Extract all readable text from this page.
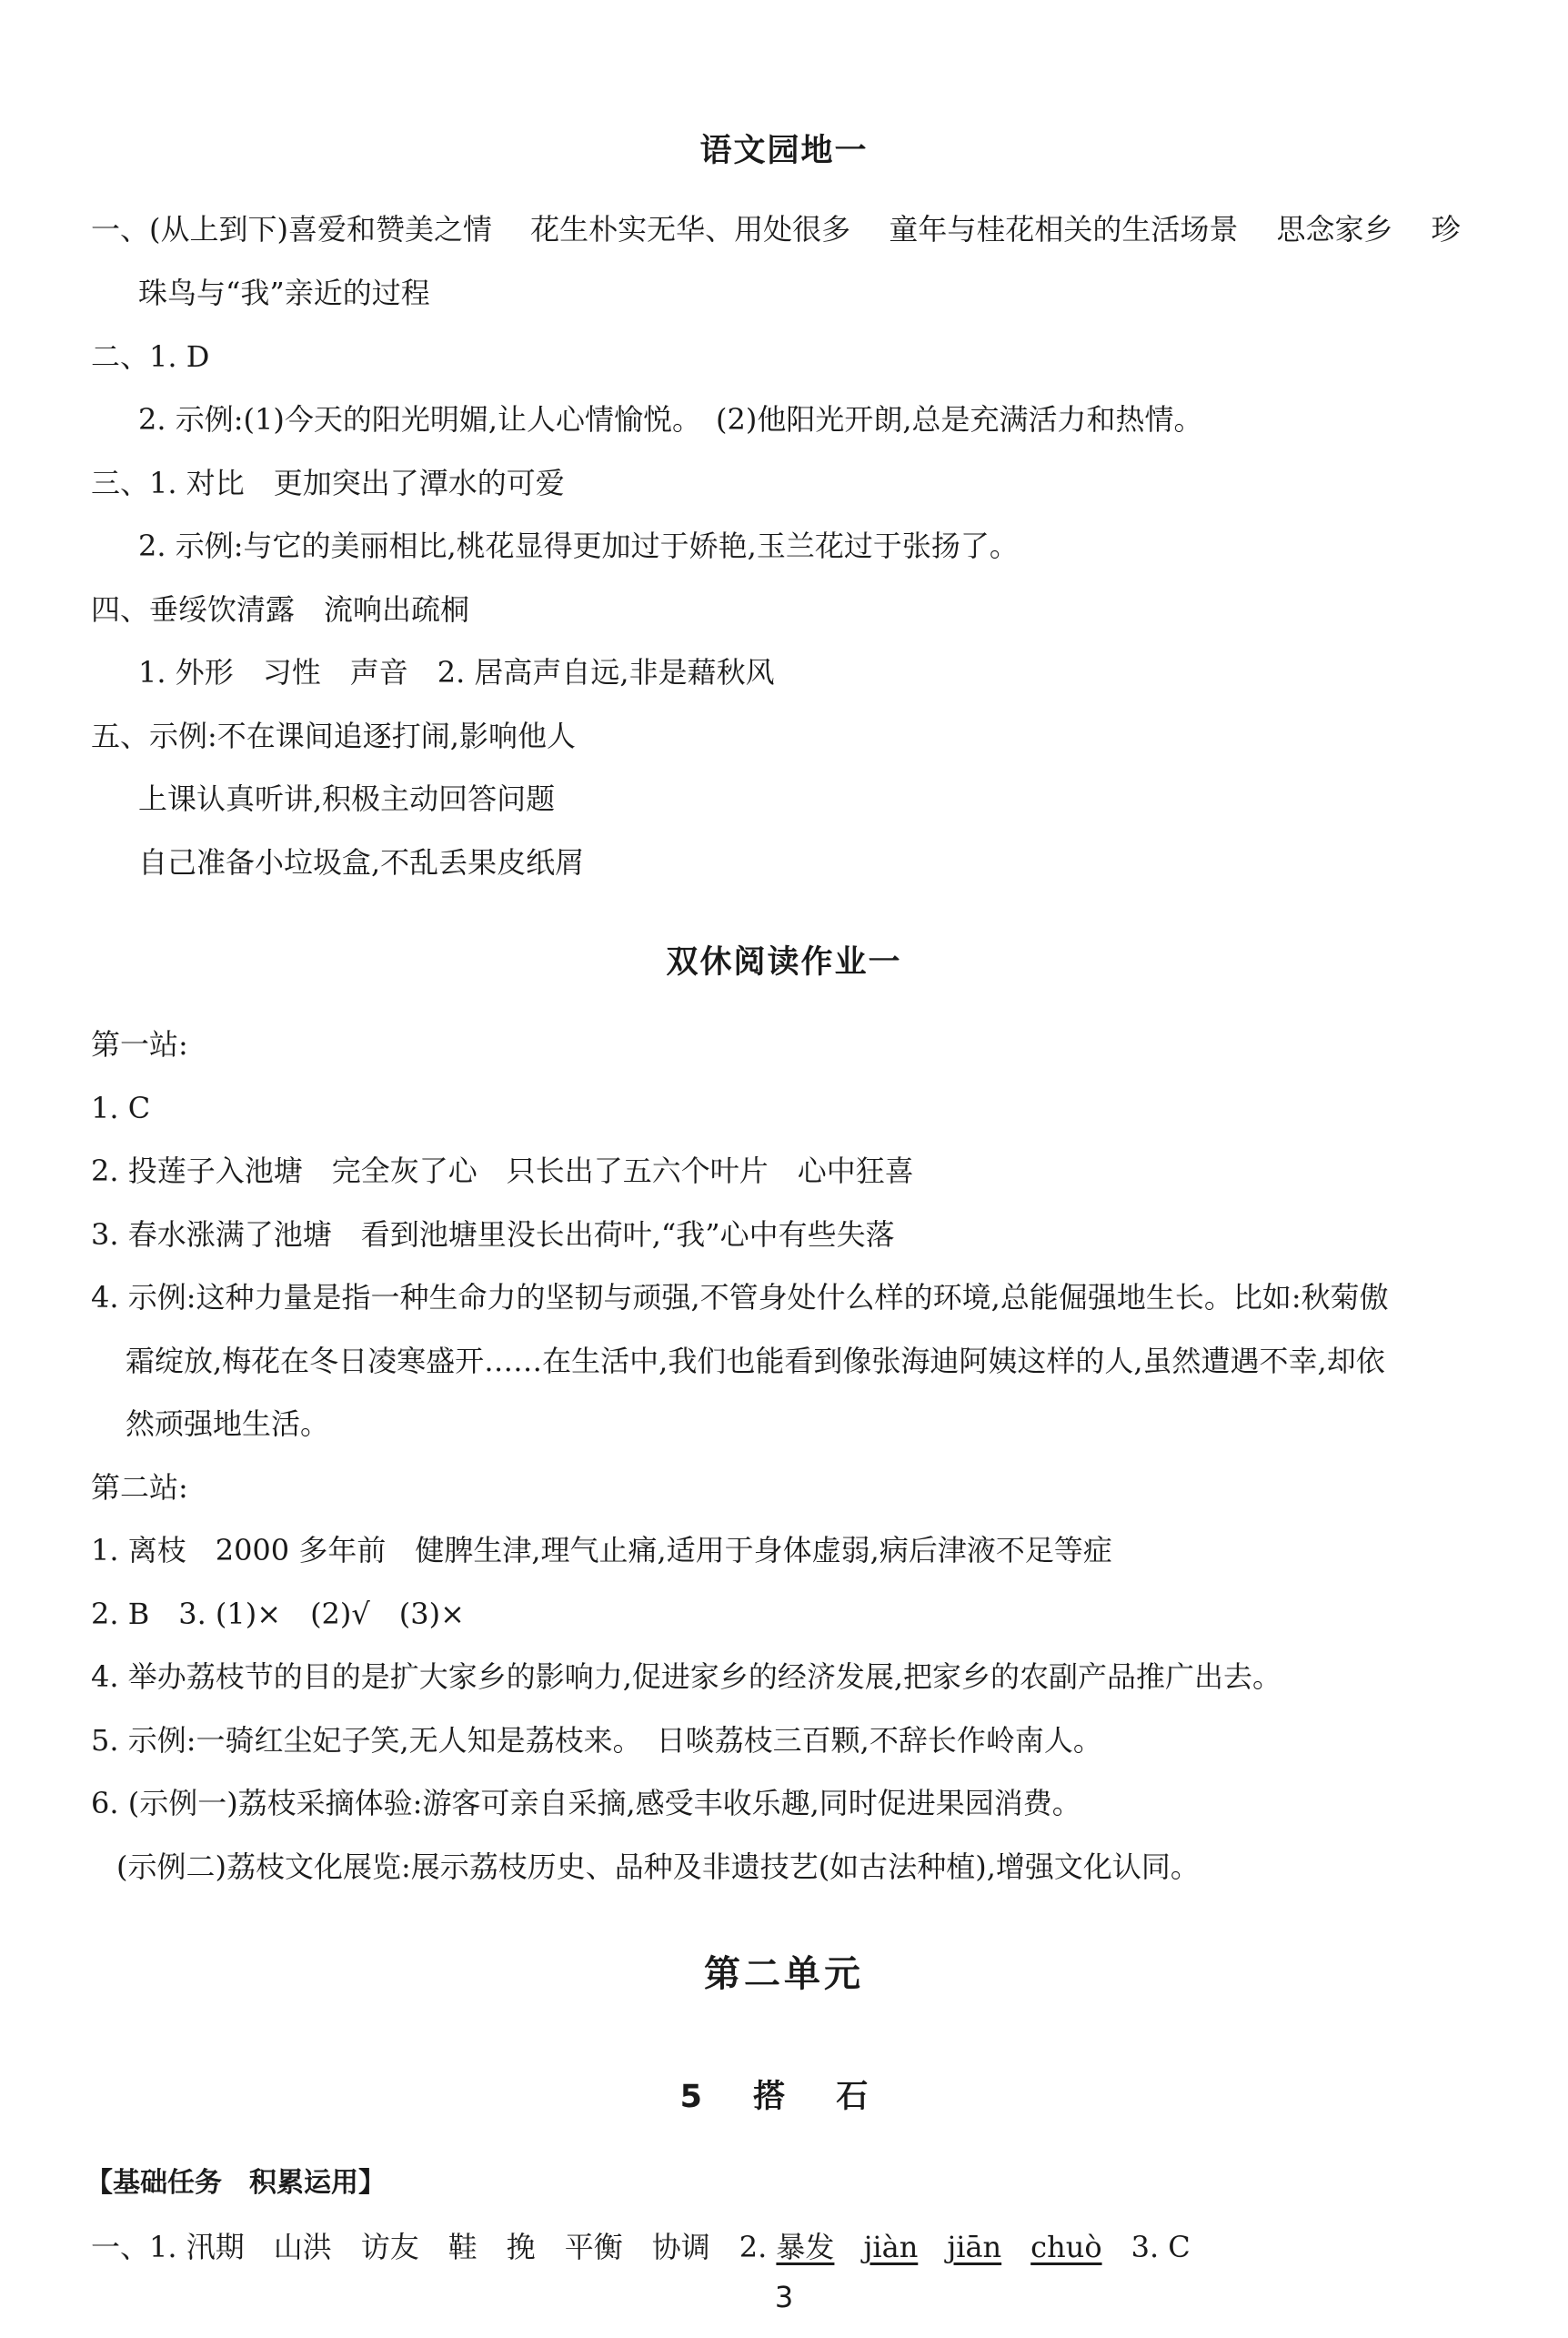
语文园地一
一、(从上到下)喜爱和赞美之情　 花生朴实无华、用处很多　 童年与桂花相关的生活场景　 思念家乡　 珍
珠鸟与“我”亲近的过程
二、1. D
2. 示例:(1)今天的阳光明媚,让人心情愉悦。　(2)他阳光开朗,总是充满活力和热情。
三、1. 对比　更加突出了潭水的可爱
2. 示例:与它的美丽相比,桃花显得更加过于娇艳,玉兰花过于张扬了。
四、垂绥饮清露　流响出疏桐
1. 外形　习性　声音　2. 居高声自远,非是藉秋风
五、示例:不在课间追逐打闹,影响他人
上课认真听讲,积极主动回答问题
自己准备小垃圾盒,不乱丢果皮纸屑
双休阅读作业一
第一站:
1. C
2. 投莲子入池塘　完全灰了心　只长出了五六个叶片　心中狂喜
3. 春水涨满了池塘　看到池塘里没长出荷叶,“我”心中有些失落
4. 示例:这种力量是指一种生命力的坚韧与顽强,不管身处什么样的环境,总能倔强地生长。比如:秋菊傲
霜绽放,梅花在冬日凌寒盛开……在生活中,我们也能看到像张海迪阿姨这样的人,虽然遭遇不幸,却依
然顽强地生活。
第二站:
1. 离枝　2000 多年前　健脾生津,理气止痛,适用于身体虚弱,病后津液不足等症
2. B　3. (1)×　(2)√　(3)×
4. 举办荔枝节的目的是扩大家乡的影响力,促进家乡的经济发展,把家乡的农副产品推广出去。
5. 示例:一骑红尘妃子笑,无人知是荔枝来。　日啖荔枝三百颗,不辞长作岭南人。
6. (示例一)荔枝采摘体验:游客可亲自采摘,感受丰收乐趣,同时促进果园消费。
(示例二)荔枝文化展览:展示荔枝历史、品种及非遗技艺(如古法种植),增强文化认同。
第二单元
5 搭 石
【基础任务　积累运用】
一、1. 汛期　山洪　访友　鞋　挽　平衡　协调　2. 暴发　 jiàn　 jiān　 chuò　 3. C
3
